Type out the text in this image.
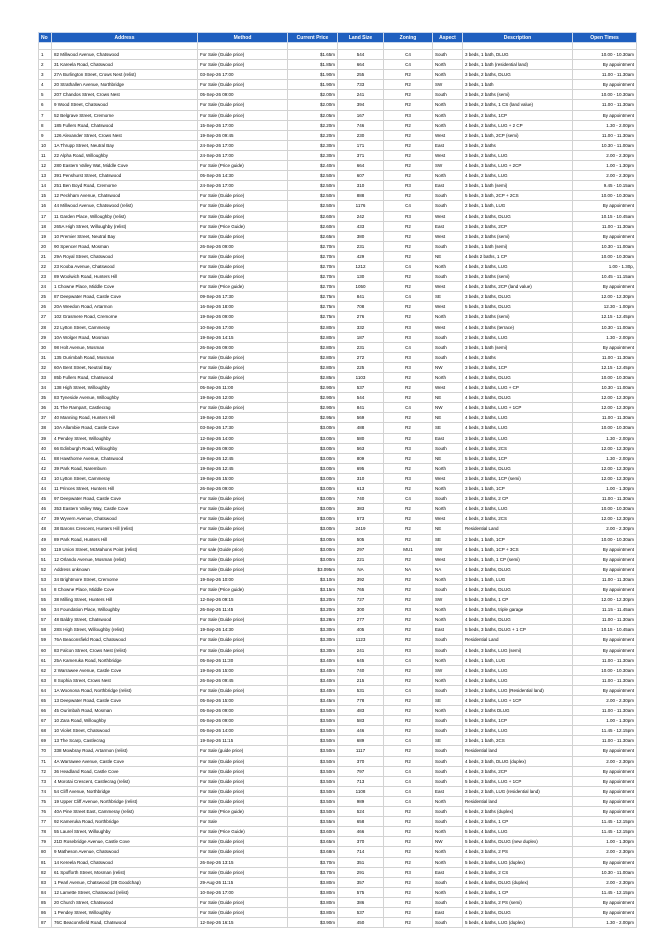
No	Address	Method	Current Price	Land Size	Zoning	Aspect	Description	Open Times

1	82 Millwood Avenue, Chatswood	For Sale (Guide price)	$1.65m	544	C4	South	3 beds, 1 bath, DLUG	10.00 - 10.30am
2	31 Kareela Road, Chatswood	For Sale (Guide price)	$1.85m	664	C4	North	2 beds, 1 bath (residential land)	By appointment
3	27A Burlington Street, Crows Nest (relist)	03-Sep-26 17:00	$1.90m	255	R2	North	3 beds, 2 baths, DLUG	11.00 - 11.30am
4	20 Strathallen Avenue, Northbridge	For Sale (Guide price)	$1.90m	733	R2	SW	3 beds, 1 bath	By appointment
5	207 Chandos Street, Crows Nest	05-Sep-26 09:00	$2.00m	241	R2	South	3 beds, 2 baths (semi)	10.00 - 10.30am
6	9 Wood Street, Chatswood	For Sale (Guide price)	$2.00m	394	R2	North	3 beds, 2 baths, 1 CS (land value)	11.00 - 11.30am
7	52 Belgrave Street, Cremorne	For Sale (Guide price)	$2.05m	167	R3	North	2 beds, 2 baths, 1CP	By appointment
8	185 Fullers Road, Chatswood	15-Sep-26 17:00	$2.20m	746	R2	North	4 beds, 2 baths, LUG + 2 CP	1.30 - 2.00pm
9	126 Alexander Street, Crows Nest	19-Sep-26 09:45	$2.20m	230	R2	West	2 beds, 1 bath, 2CP (semi)	11.00 - 11.30am
10	1A Thrupp Street, Neutral Bay	24-Sep-26 17:00	$2.30m	171	R2	East	3 beds, 2 baths	10.30 - 11.00am
11	22 Alpha Road, Willoughby	24-Sep-26 17:00	$2.30m	371	R2	West	3 beds, 2 baths, LUG	2.00 - 2.30pm
12	280 Eastern Valley Wat, Middle Cove	For Sale (Price guide)	$2.40m	664	R2	SW	4 beds, 3 baths, LUG + 2CP	1.00 - 1.30pm
13	391 Penshurst Street, Chatswood	05-Sep-26 14:30	$2.50m	607	R2	North	4 beds, 2 baths, LUG	2.00 - 2.30pm
14	251 Ben Boyd Road, Cremorne	24-Sep-26 17:00	$2.50m	310	R3	East	3 beds, 1 bath (semi)	9.45 - 10.15am
15	12 Peckham Avenue, Chatswood	For Sale (Guide price)	$2.50m	888	R2	South	5 beds, 3 bath, 2CP + 2CS	10.00 - 10.30am
16	44 Millwood Avenue, Chatswood (relist)	For Sale (Guide price)	$2.50m	1176	C4	South	2 beds, 1 bath, LUG	By appointment
17	11 Garden Place, Willoughby (relist)	For Sale (Guide price)	$2.60m	242	R3	West	4 beds, 2 baths, DLUG	10.15 - 10.45am
18	265A High Street, Willoughby (relist)	For Sale (Price Guide)	$2.60m	433	R2	East	3 beds, 2 baths, 2CP	11.00 - 11.30am
19	10 Premier Street, Neutral Bay	For Sale (Guide price)	$2.65m	380	R2	West	3 beds, 2 baths (semi)	By appointment
20	90 Spencer Road, Mosman	26-Sep-26 09:00	$2.70m	231	R2	South	3 beds, 1 bath (semi)	10.30 - 11.00am
21	29A Royal Street, Chatswood	For Sale (Guide price)	$2.70m	429	R2	NE	4 beds 2 baths, 1 CP	10.00 - 10.30am
22	23 Kooba Avenue, Chatswood	For Sale (Guide price)	$2.70m	1212	C4	North	4 beds, 2 baths, LUG	1.00 - 1.30p,
23	89 Woolwich Road, Hunters Hill	For Sale (Guide price)	$2.70m	130	R2	South	3 beds, 2 baths (semi)	10.45 - 11.15am
24	1 Chowne Place, Middle Cove	For Sale (Price guide)	$2.70m	1050	R2	West	4 beds, 2 baths, 2CP (land value)	By appointment
25	87 Deepwater Road, Castle Cove	09-Sep-26 17:30	$2.75m	841	C4	SE	3 beds, 2 baths, DLUG	12.00 - 12.30pm
26	20A Weedon Road, Artarmon	16-Sep-26 18:00	$2.75m	708	R2	West	5 beds, 3 baths, DLUG	12.30 - 1.00pm
27	102 Grasmere Road, Cremorne	19-Sep-26 09:00	$2.75m	276	R2	North	3 beds, 2 baths (semi)	12.15 - 12.45pm
28	22 Lytton Street, Cammeray	10-Sep-26 17:00	$2.80m	332	R3	West	4 beds, 2 baths (terrace)	10.30 - 11.00am
29	10A Wolger Road, Mosman	19-Sep-26 14:15	$2.80m	187	R3	South	2 beds, 2 baths, LUG	1.30 - 2.00pm
30	98 Holt Avenue, Mosman	26-Sep-26 09:00	$2.80m	231	C4	South	3 beds, 1 bath (semi)	By appointment
31	135 Ourimbah Road, Mosman	For Sale (Guide price)	$2.80m	272	R3	South	4 beds, 2 baths	11.00 - 11.30am
32	60A Bent Street, Neutral Bay	For Sale (Guide price)	$2.80m	225	R3	NW	3 beds, 2 baths, 1CP	12.15 - 12.45pm
33	85b Fullers Road, Chatswood	For Sale (Guide price)	$2.85m	1103	R2	North	4 beds, 2 baths, DLUG	10.00 - 10.30am
34	138 High Street, Willoughby	05-Sep-26 11:00	$2.90m	537	R2	West	4 beds, 2 baths, LUG + CP	10.30 - 11.00am
35	83 Tyneside Avenue, Willoughby	19-Sep-26 12:00	$2.90m	544	R2	NE	4 beds, 2 baths, DLUG	12.00 - 12.30pm
36	31 The Rampart, Castlecrag	For Sale (Guide price)	$2.90m	841	C4	NW	4 beds, 3 baths, LUG + 1CP	12.00 - 12.30pm
37	40 Manning Road, Hunters Hill	19-Sep-26 12:00	$2.95m	569	R2	NE	4 beds, 2 baths, LUG	11.00 - 11.30am
38	10A Allambie Road, Castle Cove	03-Sep-26 17:30	$3.00m	488	R2	SE	4 beds, 3 baths, LUG	10.00 - 10.30am
39	4 Pendey Street, Willoughby	12-Sep-26 14:00	$3.00m	580	R2	East	3 beds, 2 baths, LUG	1.30 - 2.00pm
40	66 Edinburgh Road, Willoughby	19-Sep-26 09:00	$3.00m	563	R3	South	4 beds, 2 baths, 2CS	12.00 - 12.30pm
41	88 Hawthorne Avenue, Chatswood	19-Sep-26 12:45	$3.00m	809	R2	NE	5 beds, 2 baths, 1CP	1.30 - 2.00pm
42	39 Park Road, Naremburn	19-Sep-26 12:45	$3.00m	695	R2	North	3 beds, 2 baths, DLUG	12.00 - 12.30pm
43	10 Lytton Street, Cammeray	19-Sep-26 15:00	$3.00m	310	R3	West	3 beds, 2 baths, 1CP (semi)	12.00 - 12.30pm
44	11 Princes Street, Hunters Hill	26-Sep-26 09:00	$3.00m	613	R2	North	3 beds, 1 bath, 1CP	1.00 - 1.30pm
45	97 Deepwater Road, Castle Cove	For Sale (Guide price)	$3.00m	740	C4	South	3 beds, 2 baths, 2 CP	11.00 - 11.30am
46	353 Eastern Valley Way, Castle Cove	For Sale (Guide price)	$3.00m	383	R2	North	4 beds, 2 baths, LUG	10.00 - 10.30am
47	39 Wyvern Avenue, Chatswood	For Sale (Guide price)	$3.00m	573	R2	West	4 beds, 2 baths, 2CS	12.00 - 12.30pm
48	38 Barons Crescent, Hunters Hill (relist)	For Sale (Guide price)	$3.00m	2419	R2	NE	Residential Land	2.00 - 2.30pm
49	89 Park Road, Hunters Hill	For Sale (Guide price)	$3.00m	505	R2	SE	2 beds, 1 bath, 1CP	10.00 - 10.30am
50	119 Union Street, McMahons Point (relist)	For sale (Guide price)	$3.00m	297	MU1	SW	4 beds, 1 bath, 1CP + 3CS	By appointment
51	12 Orlando Avenue, Mosman (relist)	For Sale (Guide price)	$3.00m	221	R2	West	2 beds, 1 bath, 1 CP (semi)	By appointment
52	Address unknown	For Sale (Guide price)	$3.095m	NA	NA	NA	4 beds, 2 baths, DLUG	By appointment
53	34 Brightmore Street, Cremorne	19-Sep-26 10:00	$3.10m	392	R2	North	3 beds, 1 bath, LUG	11.00 - 11.30am
54	8 Chowne Place, Middle Cove	For Sale (Price guide)	$3.15m	765	R2	South	4 beds, 2 baths, DLUG	By appointment
55	38 Milling Street, Hunters Hill	12-Sep-26 09:15	$3.20m	727	R2	SW	5 beds, 3 baths, 1 CP	12.00 - 12.30pm
56	34 Foundation Place, Willoughby	26-Sep-26 11:45	$3.20m	300	R3	North	4 beds, 3 baths, triple garage	11.15 - 11.45am
57	48 Baldry Street, Chatswood	For Sale (Guide price)	$3.28m	277	R2	North	4 beds, 3 baths, DLUG	11.00 - 11.30am
58	28S High Street, Willoughby (relist)	19-Sep-26 14:30	$3.30m	405	R2	East	5 beds, 3 baths, DLUG + 1 CP	10.15 - 10.45am
59	76A Beaconsfield Road, Chatswood	For Sale (Guide price)	$3.30m	1123	R2	South	Residential Land	By appointment
60	83 Falcon Street, Crows Nest (relist)	For Sale (Guide price)	$3.30m	241	R3	South	4 beds, 3 baths, LUG (semi)	By appointment
61	25A Kameruka Road, Northbridge	05-Sep-26 11:30	$3.40m	645	C4	North	4 beds, 1 bath, LUG	11.00 - 11.30am
62	2 Warrawee Avenue, Castle Cove	19-Sep-26 15:00	$3.40m	740	R2	SW	4 beds, 3 baths, LUG	10.00 - 10.30am
63	8 Sophia Street, Crows Nest	26-Sep-26 09:45	$3.40m	215	R2	North	4 beds, 2 baths, LUG	11.00 - 11.30am
64	1A Woonona Road, Northbridge (relist)	For Sale (Guide price)	$3.40m	531	C4	South	3 beds, 2 baths, LUG (Residential land)	By appointment
65	13 Deepwater Road, Castle Cove	05-Sep-26 15:00	$3.45m	778	R2	SE	4 beds, 2 baths, LUG + 1CP	2.00 - 2.30pm
66	45 Ourimbah Road, Mosman	05-Sep-26 09:00	$3.50m	483	R2	North	4 beds, 2 baths DLUG	11.00 - 11.30am
67	10 Zara Road, Willoughby	05-Sep-26 09:00	$3.50m	583	R2	South	5 beds, 3 baths, 1CP	1.00 - 1.30pm
68	10 Violet Street, Chatswood	05-Sep-26 14:00	$3.50m	446	R2	South	3 beds, 2 baths, LUG	11.45 - 12.15pm
69	13 The Scarp, Castlecrag	19-Sep-26 11:15	$3.50m	689	C4	SE	3 beds, 1 bath, 2CS	11.00 - 11.30am
70	338 Mowbray Road, Artarmon (relist)	For Sale (guide price)	$3.50m	1117	R2	South	Residential land	By appointment
71	4A Warrawee Avenue, Castle Cove	For Sale (Guide price)	$3.50m	370	R2	South	4 beds, 3 bath, DLUG (duplex)	2.00 - 2.30pm
72	36 Headland Road, Castle Cove	For Sale (Guide price)	$3.50m	797	C4	South	4 beds, 3 baths, 2CP	By appointment
73	4 Morotai Crescent, Castlecrag (relist)	For Sale (Guide price)	$3.50m	713	C4	South	5 beds, 3 baths, LUG + 1CP	By appointment
74	54 Cliff Avenue, Northbridge	For Sale (Guide price)	$3.50m	1108	C4	East	3 beds, 2 bath, LUG (residential land)	By appointment
75	19 Upper Cliff Avenue, Northbridge (relist)	For Sale (Guide price)	$3.50m	989	C4	North	Residential land	By appointment
76	40A Pine Street East, Cammeray (relist)	For Sale (Price guide)	$3.50m	524	R2	South	6 beds, 2 baths (duplex)	By appointment
77	92 Kameruka Road, Northbridge	For Sale	$3.55m	658	R2	South	4 beds, 2 baths, 1 CP	11.45 - 12.15pm
78	55 Laurel Street, Willoughby	For Sale (Price Guide)	$3.60m	466	R2	North	5 beds, 4 baths, LUG	11.45 - 12.15pm
79	21D Rosebridge Avenue, Castle Cove	For Sale (Guide price)	$3.65m	370	R2	NW	5 beds, 4 baths, DLUG (new duplex)	1.00 - 1.30pm
80	9 Matheson Avenue, Chatswood	For Sale (Guide price)	$3.68m	714	R2	North	4 beds, 3 baths, 2 PS	2.00 - 2.30pm
81	14 Kereela Road, Chatswood	26-Sep-26 13:15	$3.70m	351	R2	North	5 beds, 3 baths, LUG (duplex)	By appointment
82	61 Spofforth Street, Mosman (relist)	For Sale (Guide price)	$3.70m	291	R3	East	4 beds, 3 baths, 2 CS	10.30 - 11.00am
83	1 Pearl Avenue, Chatswood (28 Goodchap)	29-Aug-26 11:15	$3.80m	357	R2	South	4 beds, 4 baths, DLUG (duplex)	2.00 - 2.30pm
84	12 Lamette Street, Chatswood (relist)	10-Sep-26 17:00	$3.80m	575	R2	North	4 beds, 2 baths, 1 CP	11.45 - 12.15pm
85	20 Church Street, Chatswood	For Sale (Guide price)	$3.80m	386	R2	South	4 beds, 3 baths, 2 PS (semi)	By appointment
86	1 Pendey Street, Willoughby	For Sale (Guide price)	$3.80m	537	R2	East	4 beds, 2 baths, DLUG	By appointment
87	76C Beaconsfield Road, Chatswood	12-Sep-26 16:15	$3.90m	450	R2	South	5 beds, 4 baths, LUG (duplex)	1.30 - 2.00pm
